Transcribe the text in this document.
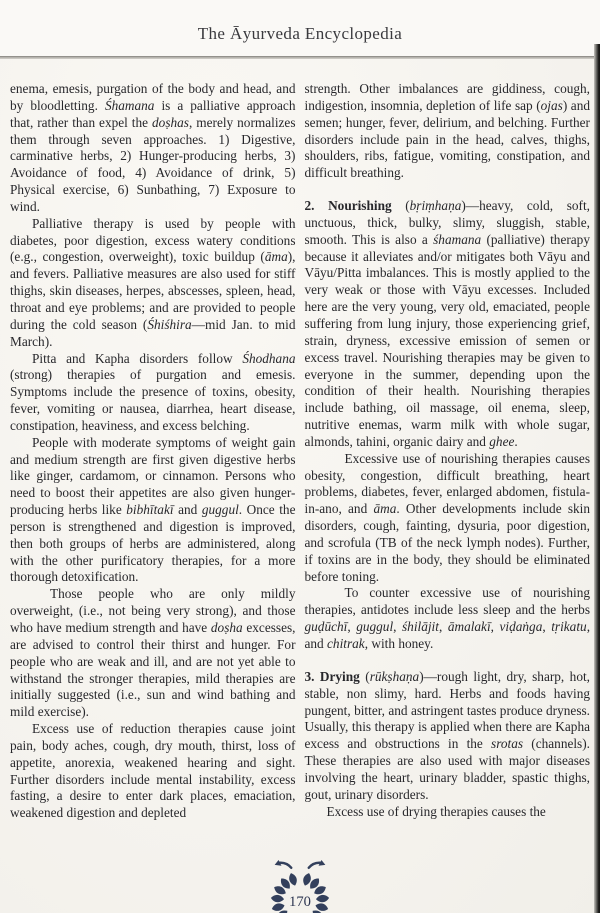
The Āyurveda Encyclopedia

enema, emesis, purgation of the body and head, and by bloodletting. Śhamana is a palliative approach that, rather than expel the doṣhas, merely normalizes them through seven approaches. 1) Digestive, carminative herbs, 2) Hunger-producing herbs, 3) Avoidance of food, 4) Avoidance of drink, 5) Physical exercise, 6) Sunbathing, 7) Exposure to wind.

Palliative therapy is used by people with diabetes, poor digestion, excess watery conditions (e.g., congestion, overweight), toxic buildup (āma), and fevers. Palliative measures are also used for stiff thighs, skin diseases, herpes, abscesses, spleen, head, throat and eye problems; and are provided to people during the cold season (Śhiśhira—mid Jan. to mid March).

Pitta and Kapha disorders follow Śhodhana (strong) therapies of purgation and emesis. Symptoms include the presence of toxins, obesity, fever, vomiting or nausea, diarrhea, heart disease, constipation, heaviness, and excess belching.

People with moderate symptoms of weight gain and medium strength are first given digestive herbs like ginger, cardamom, or cinnamon. Persons who need to boost their appetites are also given hunger-producing herbs like bibhītakī and guggul. Once the person is strengthened and digestion is improved, then both groups of herbs are administered, along with the other purificatory therapies, for a more thorough detoxification.

Those people who are only mildly overweight, (i.e., not being very strong), and those who have medium strength and have doṣha excesses, are advised to control their thirst and hunger. For people who are weak and ill, and are not yet able to withstand the stronger therapies, mild therapies are initially suggested (i.e., sun and wind bathing and mild exercise).

Excess use of reduction therapies cause joint pain, body aches, cough, dry mouth, thirst, loss of appetite, anorexia, weakened hearing and sight. Further disorders include mental instability, excess fasting, a desire to enter dark places, emaciation, weakened digestion and depleted

strength. Other imbalances are giddiness, cough, indigestion, insomnia, depletion of life sap (ojas) and semen; hunger, fever, delirium, and belching. Further disorders include pain in the head, calves, thighs, shoulders, ribs, fatigue, vomiting, constipation, and difficult breathing.

2. Nourishing (bṛiṃhaṇa)—heavy, cold, soft, unctuous, thick, bulky, slimy, sluggish, stable, smooth. This is also a śhamana (palliative) therapy because it alleviates and/or mitigates both Vāyu and Vāyu/Pitta imbalances. This is mostly applied to the very weak or those with Vāyu excesses. Included here are the very young, very old, emaciated, people suffering from lung injury, those experiencing grief, strain, dryness, excessive emission of semen or excess travel. Nourishing therapies may be given to everyone in the summer, depending upon the condition of their health. Nourishing therapies include bathing, oil massage, oil enema, sleep, nutritive enemas, warm milk with whole sugar, almonds, tahini, organic dairy and ghee.

Excessive use of nourishing therapies causes obesity, congestion, difficult breathing, heart problems, diabetes, fever, enlarged abdomen, fistula-in-ano, and āma. Other developments include skin disorders, cough, fainting, dysuria, poor digestion, and scrofula (TB of the neck lymph nodes). Further, if toxins are in the body, they should be eliminated before toning.

To counter excessive use of nourishing therapies, antidotes include less sleep and the herbs guḍūchī, guggul, śhilājit, āmalakī, viḍaṅga, tṛikatu, and chitrak, with honey.

3. Drying (rūkṣhaṇa)—rough light, dry, sharp, hot, stable, non slimy, hard. Herbs and foods having pungent, bitter, and astringent tastes produce dryness. Usually, this therapy is applied when there are Kapha excess and obstructions in the srotas (channels). These therapies are also used with major diseases involving the heart, urinary bladder, spastic thighs, gout, urinary disorders.

Excess use of drying therapies causes the

170
